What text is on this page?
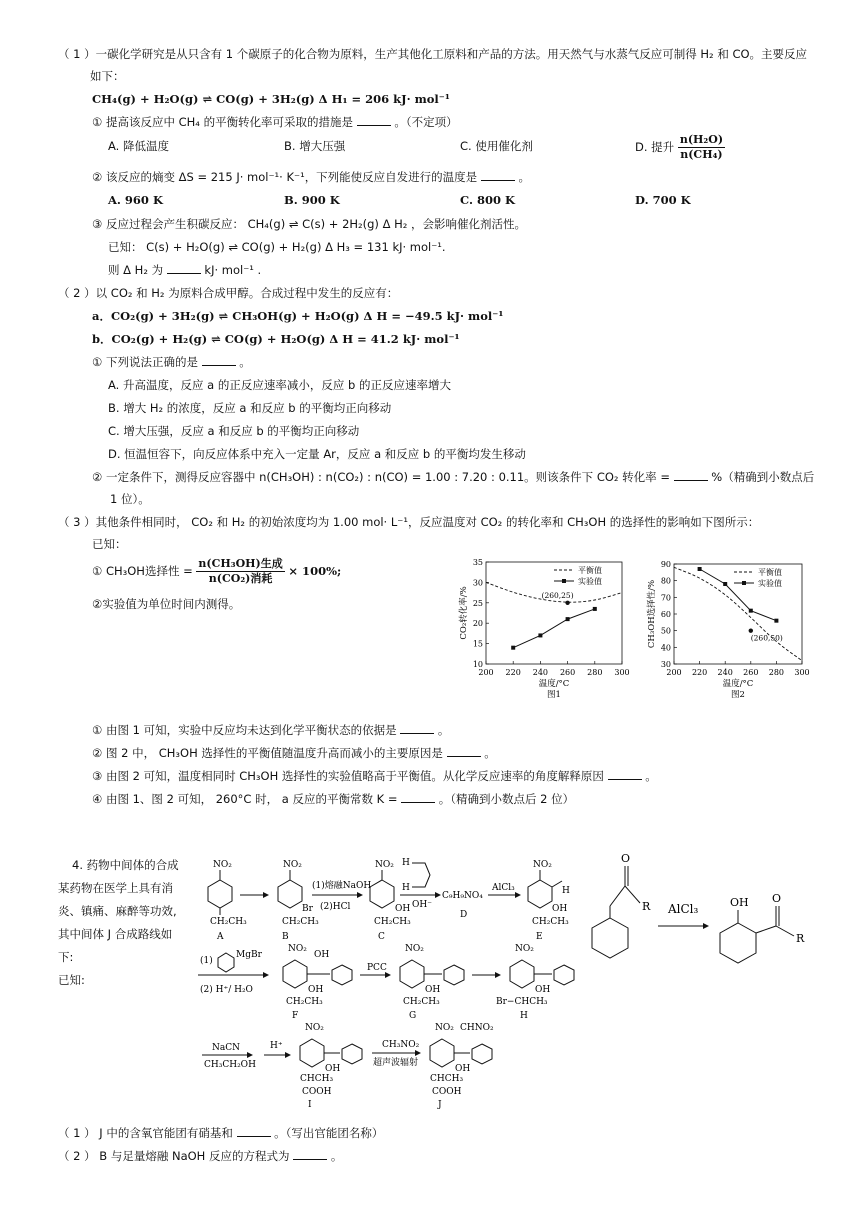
（ 1 ）一碳化学研究是从只含有 1 个碳原子的化合物为原料，生产其他化工原料和产品的方法。用天然气与水蒸气反应可制得 H₂ 和 CO。主要反应
如下：
CH₄(g) + H₂O(g) ⇌ CO(g) + 3H₂(g) Δ H₁ = 206 kJ· mol⁻¹
① 提高该反应中 CH₄ 的平衡转化率可采取的措施是	。（不定项）
A. 降低温度	B. 增大压强	C. 使用催化剂	D. 提升 $\frac{\text{n(H₂O)}}{\text{n(CH₄)}}$
② 该反应的熵变 ΔS = 215 J· mol⁻¹· K⁻¹，下列能使反应自发进行的温度是	。
A. 960 K	B. 900 K	C. 800 K	D. 700 K
③ 反应过程会产生积碳反应： CH₄(g) ⇌ C(s) + 2H₂(g) Δ H₂ ，会影响催化剂活性。
已知： C(s) + H₂O(g) ⇌ CO(g) + H₂(g) Δ H₃ = 131 kJ· mol⁻¹.
则 Δ H₂ 为	kJ· mol⁻¹ .
（ 2 ）以 CO₂ 和 H₂ 为原料合成甲醇。合成过程中发生的反应有：
a．CO₂(g) + 3H₂(g) ⇌ CH₃OH(g) + H₂O(g) Δ H = −49.5 kJ· mol⁻¹
b．CO₂(g) + H₂(g) ⇌ CO(g) + H₂O(g) Δ H = 41.2 kJ· mol⁻¹
① 下列说法正确的是	。
A. 升高温度，反应 a 的正反应速率减小，反应 b 的正反应速率增大
B. 增大 H₂ 的浓度，反应 a 和反应 b 的平衡均正向移动
C. 增大压强，反应 a 和反应 b 的平衡均正向移动
D. 恒温恒容下，向反应体系中充入一定量 Ar，反应 a 和反应 b 的平衡均发生移动
② 一定条件下，测得反应容器中 n(CH₃OH) : n(CO₂) : n(CO) = 1.00 : 7.20 : 0.11。则该条件下 CO₂ 转化率 =	%（精确到小数点后
1 位）。
（ 3 ）其他条件相同时， CO₂ 和 H₂ 的初始浓度均为 1.00 mol· L⁻¹，反应温度对 CO₂ 的转化率和 CH₃OH 的选择性的影响如下图所示：
已知：
① CH₃OH选择性 = $\frac{\text{n(CH₃OH)生成}}{\text{n(CO₂)消耗}} \times 100\%$;
②实验值为单位时间内测得。
200 220 240 260 280 300
10
15
20
25
30
35
温度/°C
图1
CO₂转化率/%	(260,25)
平衡值
实验值
200 220 240 260 280 300
30
40
50
60
70
80
90
温度/°C
图2
CH₃OH选择性/%
平衡值
实验值
(260,50)
① 由图 1 可知，实验中反应均未达到化学平衡状态的依据是	。
② 图 2 中， CH₃OH 选择性的平衡值随温度升高而减小的主要原因是	。
③ 由图 2 可知，温度相同时 CH₃OH 选择性的实验值略高于平衡值。从化学反应速率的角度解释原因	。
④ 由图 1、图 2 可知， 260°C 时， a 反应的平衡常数 K =	。（精确到小数点后 2 位）
4. 药物中间体的合成
某药物在医学上具有消
炎、镇痛、麻醉等功效,
其中间体 J 合成路线如
下:
已知:
NO₂
CH₂CH₃
A
NO₂
Br
CH₂CH₃
B
(1)熔融NaOH
(2)HCl
NO₂
OH
CH₂CH₃
C
H
H
OH⁻
C₉H₉NO₄
D
AlCl₃
NO₂
H
OH
CH₂CH₃
E
(1)
MgBr
(2) H⁺/ H₂O
NO₂
OH
OH
CH₂CH₃
F
PCC
NO₂
OH
CH₂CH₃
G
NO₂
OH
Br−CHCH₃
H
NaCN
CH₃CH₂OH
H⁺
NO₂
OH
CHCH₃
COOH
I
CH₃NO₂
超声波辐射
NO₂ CHNO₂
OH
CHCH₃
COOH
J
O
R AlCl₃	OH O
R
（ 1 ） J 中的含氧官能团有硝基和	。（写出官能团名称）
（ 2 ） B 与足量熔融 NaOH 反应的方程式为	。
